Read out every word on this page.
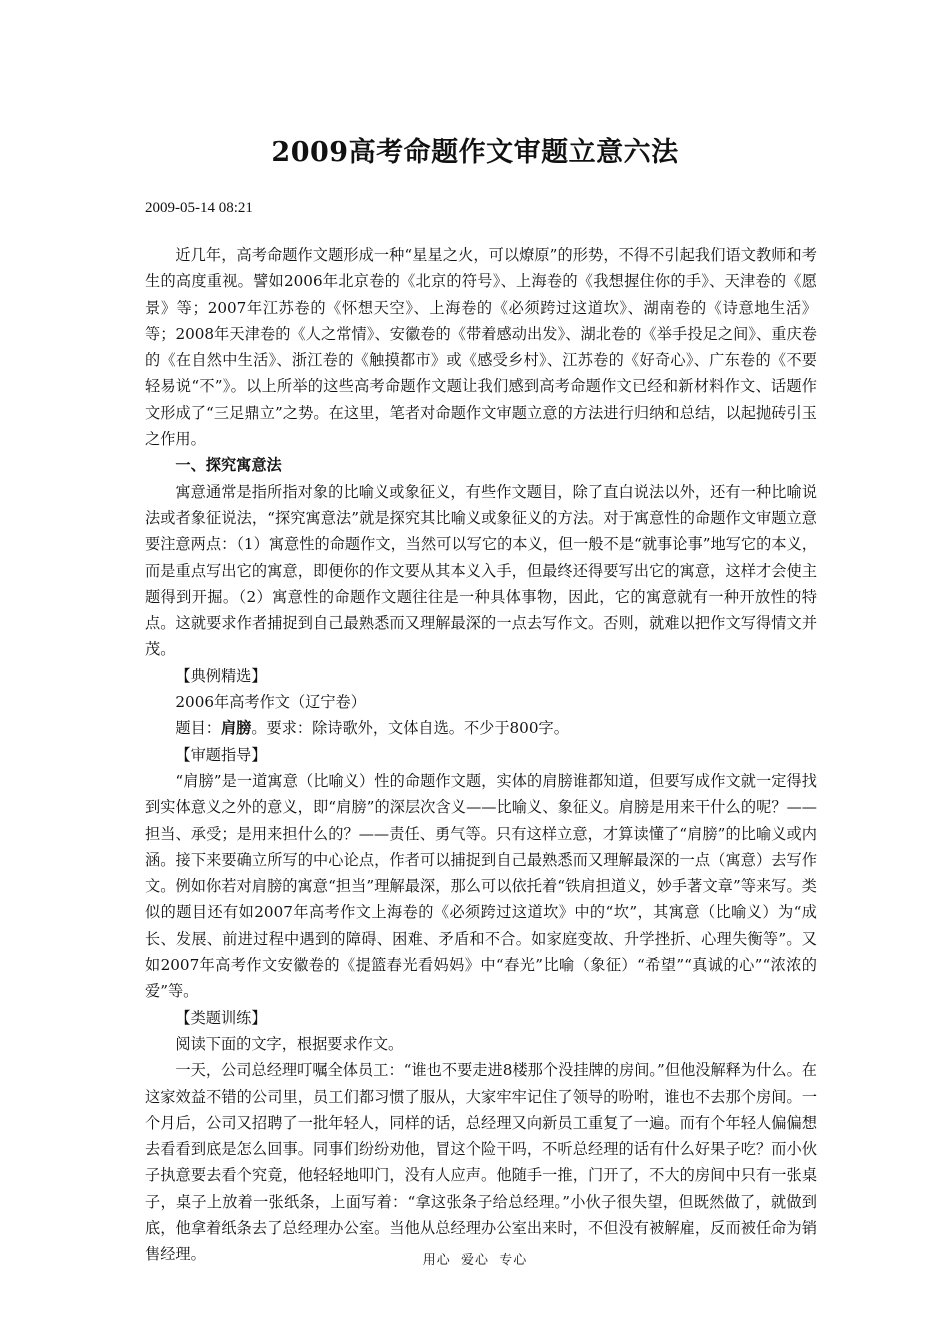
2009高考命题作文审题立意六法
2009-05-14 08:21

近几年，高考命题作文题形成一种“星星之火，可以燎原”的形势，不得不引起我们语文教师和考生的高度重视。譬如2006年北京卷的《北京的符号》、上海卷的《我想握住你的手》、天津卷的《愿景》等；2007年江苏卷的《怀想天空》、上海卷的《必须跨过这道坎》、湖南卷的《诗意地生活》等；2008年天津卷的《人之常情》、安徽卷的《带着感动出发》、湖北卷的《举手投足之间》、重庆卷的《在自然中生活》、浙江卷的《触摸都市》或《感受乡村》、江苏卷的《好奇心》、广东卷的《不要轻易说“不”》。以上所举的这些高考命题作文题让我们感到高考命题作文已经和新材料作文、话题作文形成了“三足鼎立”之势。在这里，笔者对命题作文审题立意的方法进行归纳和总结，以起抛砖引玉之作用。

一、探究寓意法

寓意通常是指所指对象的比喻义或象征义，有些作文题目，除了直白说法以外，还有一种比喻说法或者象征说法，“探究寓意法”就是探究其比喻义或象征义的方法。对于寓意性的命题作文审题立意要注意两点：（1）寓意性的命题作文，当然可以写它的本义，但一般不是“就事论事”地写它的本义，而是重点写出它的寓意，即便你的作文要从其本义入手，但最终还得要写出它的寓意，这样才会使主题得到开掘。（2）寓意性的命题作文题往往是一种具体事物，因此，它的寓意就有一种开放性的特点。这就要求作者捕捉到自己最熟悉而又理解最深的一点去写作文。否则，就难以把作文写得情文并茂。

【典例精选】

2006年高考作文（辽宁卷）

题目：肩膀。要求：除诗歌外，文体自选。不少于800字。

【审题指导】

“肩膀”是一道寓意（比喻义）性的命题作文题，实体的肩膀谁都知道，但要写成作文就一定得找到实体意义之外的意义，即“肩膀”的深层次含义——比喻义、象征义。肩膀是用来干什么的呢？——担当、承受；是用来担什么的？——责任、勇气等。只有这样立意，才算读懂了“肩膀”的比喻义或内涵。接下来要确立所写的中心论点，作者可以捕捉到自己最熟悉而又理解最深的一点（寓意）去写作文。例如你若对肩膀的寓意“担当”理解最深，那么可以依托着“铁肩担道义，妙手著文章”等来写。类似的题目还有如2007年高考作文上海卷的《必须跨过这道坎》中的“坎”，其寓意（比喻义）为“成长、发展、前进过程中遇到的障碍、困难、矛盾和不合。如家庭变故、升学挫折、心理失衡等”。又如2007年高考作文安徽卷的《提篮春光看妈妈》中“春光”比喻（象征）“希望”“真诚的心”“浓浓的爱”等。

【类题训练】

阅读下面的文字，根据要求作文。

一天，公司总经理叮嘱全体员工：“谁也不要走进8楼那个没挂牌的房间。”但他没解释为什么。在这家效益不错的公司里，员工们都习惯了服从，大家牢牢记住了领导的吩咐，谁也不去那个房间。一个月后，公司又招聘了一批年轻人，同样的话，总经理又向新员工重复了一遍。而有个年轻人偏偏想去看看到底是怎么回事。同事们纷纷劝他，冒这个险干吗，不听总经理的话有什么好果子吃？而小伙子执意要去看个究竟，他轻轻地叩门，没有人应声。他随手一推，门开了，不大的房间中只有一张桌子，桌子上放着一张纸条，上面写着：“拿这张条子给总经理。”小伙子很失望，但既然做了，就做到底，他拿着纸条去了总经理办公室。当他从总经理办公室出来时，不但没有被解雇，反而被任命为销售经理。	用心  爱心  专心
